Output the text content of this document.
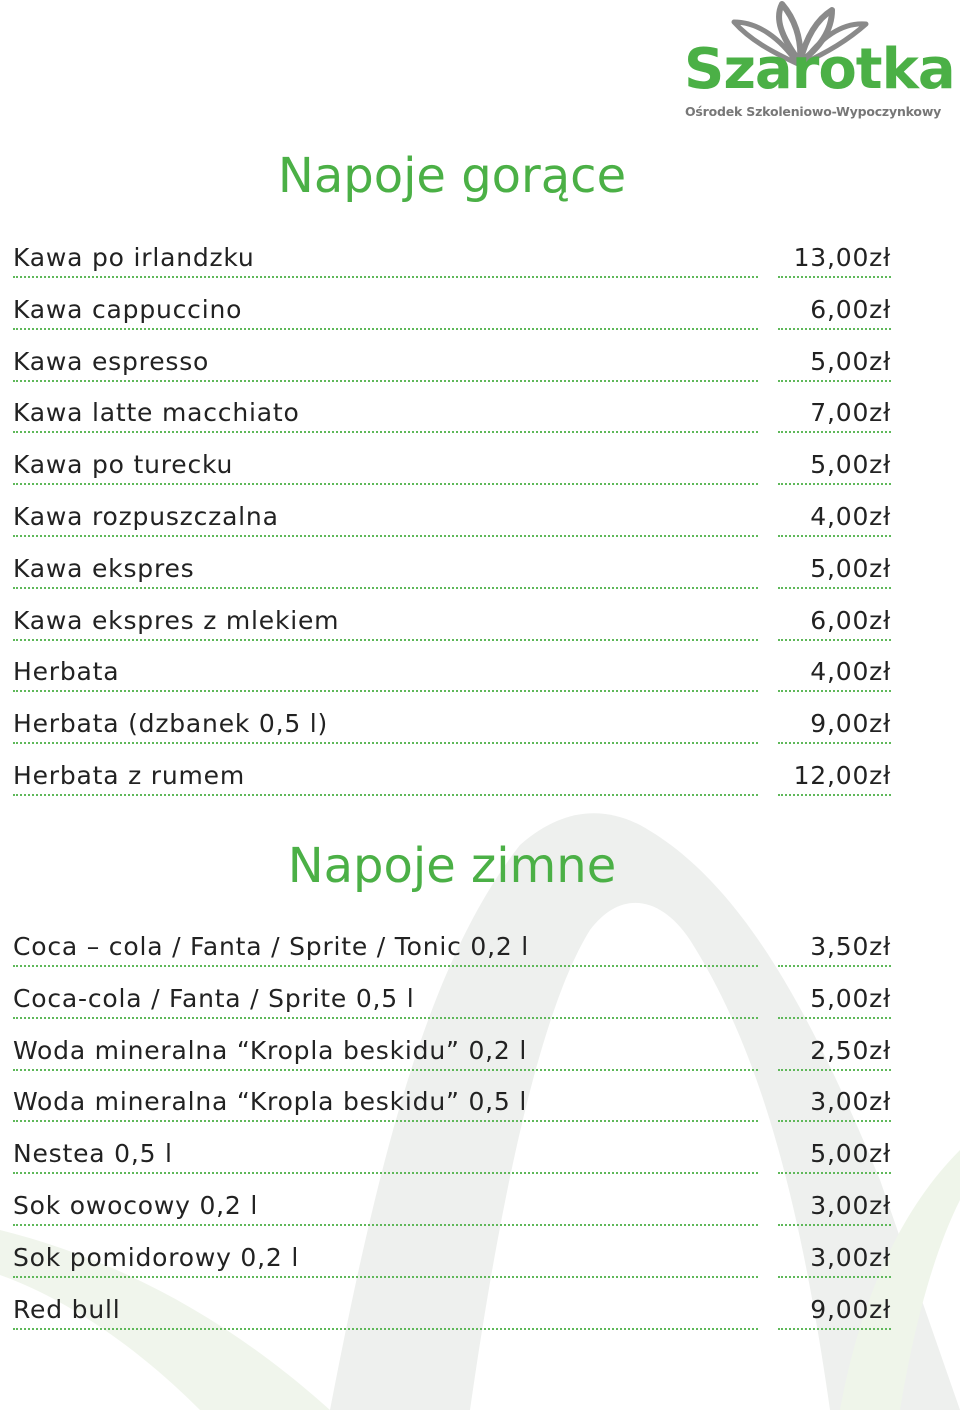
Szarotka
Ośrodek Szkoleniowo-Wypoczynkowy
Napoje gorące
Kawa po irlandzku	13,00zł
Kawa cappuccino	6,00zł
Kawa espresso	5,00zł
Kawa latte macchiato	7,00zł
Kawa po turecku	5,00zł
Kawa rozpuszczalna	4,00zł
Kawa ekspres	5,00zł
Kawa ekspres z mlekiem	6,00zł
Herbata	4,00zł
Herbata (dzbanek 0,5 l)	9,00zł
Herbata z rumem	12,00zł
Napoje zimne
Coca – cola / Fanta / Sprite / Tonic 0,2 l	3,50zł
Coca-cola / Fanta / Sprite 0,5 l	5,00zł
Woda mineralna “Kropla beskidu” 0,2 l	2,50zł
Woda mineralna “Kropla beskidu” 0,5 l	3,00zł
Nestea 0,5 l	5,00zł
Sok owocowy 0,2 l	3,00zł
Sok pomidorowy 0,2 l	3,00zł
Red bull	9,00zł
